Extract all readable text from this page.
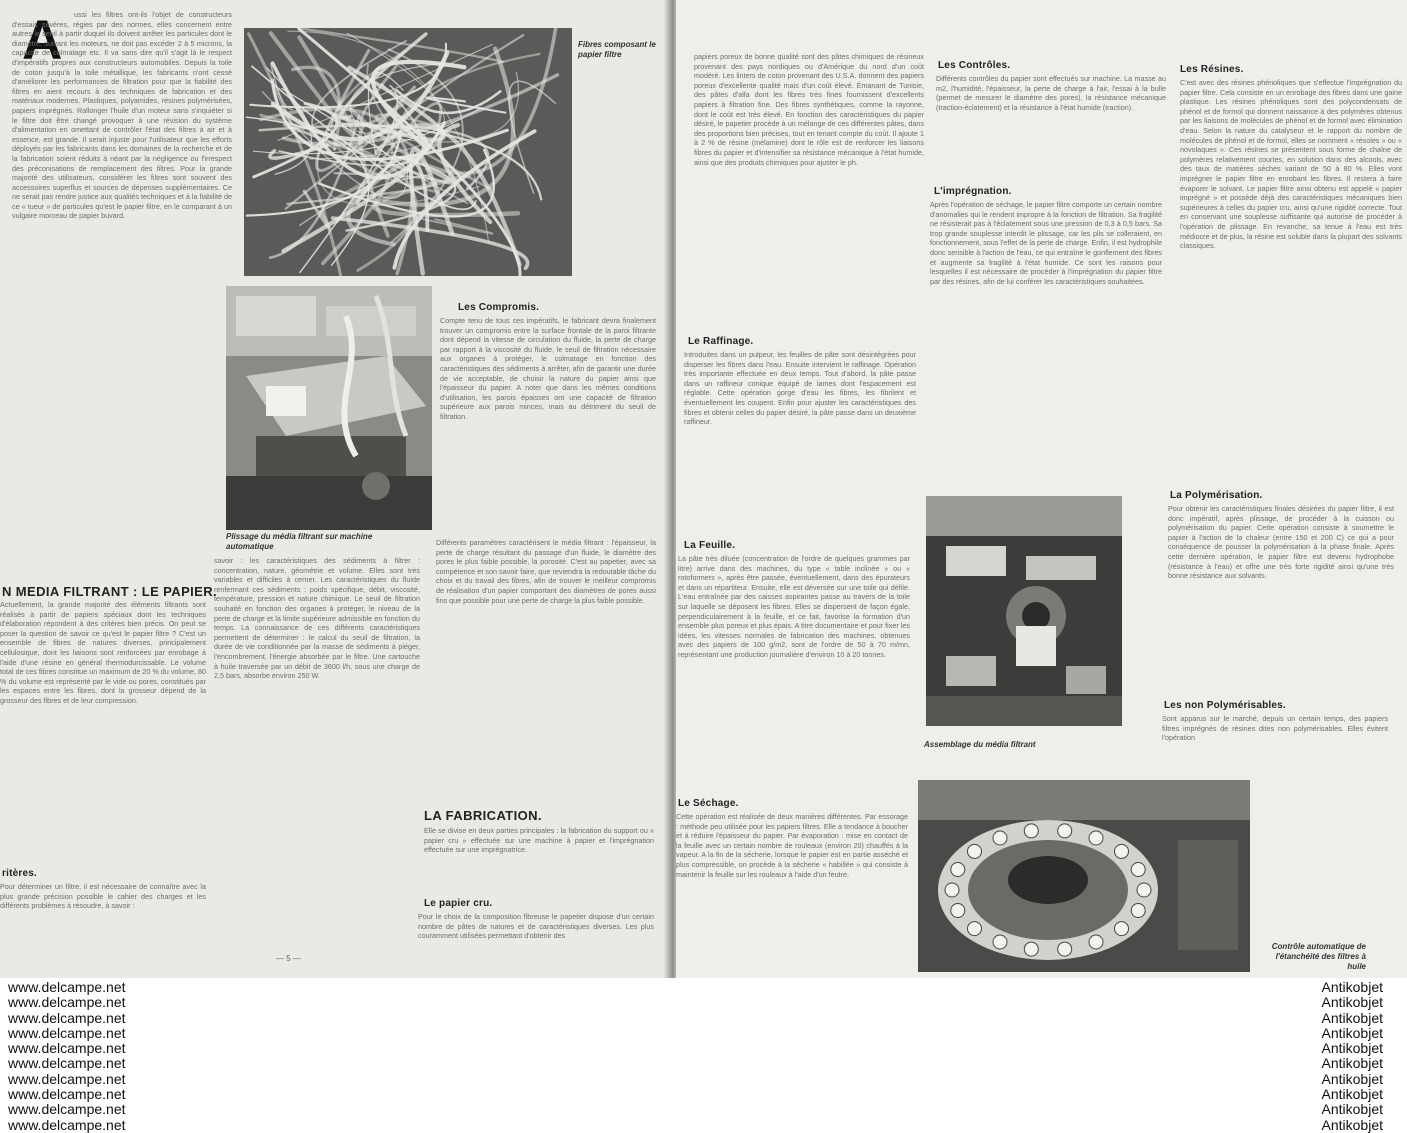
A	ussi les filtres ont-ils l'objet de constructeurs d'essais sévères, régies par des normes, elles concernent entre autres le seuil à partir duquel ils doivent arrêter les particules dont le diamètre, suivant les moteurs, ne doit pas excéder 2 à 5 microns, la capacité de colmatage etc. Il va sans dire qu'il s'agit là le respect d'impératifs propres aux constructeurs automobiles. Depuis la toile de coton jusqu'à la toile métallique, les fabricants n'ont cessé d'améliorer les performances de filtration pour que la fiabilité des filtres en aient recours à des techniques de fabrication et des matériaux modernes. Plastiques, polyamides, résines polymérisées, papiers imprégnés. Rallonger l'huile d'un moteur sans s'inquiéter si le filtre doit être changé provoquer à une révision du système d'alimentation en omettant de contrôler l'état des filtres à air et à essence, est grande. Il serait injuste pour l'utilisateur que les efforts déployés par les fabricants dans les domaines de la recherche et de la fabrication soient réduits à néant par la négligence ou l'irrespect des préconisations de remplacement des filtres. Pour la grande majorité des utilisateurs, considérer les filtres sont souvent des accessoires superflus et sources de dépenses supplémentaires. Ce ne serait pas rendre justice aux qualités techniques et à la fiabilité de ce « tueur » de particules qu'est le papier filtre, en le comparant à un vulgaire morceau de papier buvard.
Fibres composant le papier filtre
Plissage du média filtrant sur machine automatique
Les Compromis.
Compte tenu de tous ces impératifs, le fabricant devra finalement trouver un compromis entre la surface frontale de la paroi filtrante dont dépend la vitesse de circulation du fluide, la perte de charge par rapport à la viscosité du fluide, le seuil de filtration nécessaire aux organes à protéger, le colmatage en fonction des caractéristiques des sédiments à arrêter, afin de garantir une durée de vie acceptable, de choisir la nature du papier ainsi que l'épaisseur du papier. A noter que dans les mêmes conditions d'utilisation, les parois épaisses ont une capacité de filtration supérieure aux parois minces, mais au détriment du seuil de filtration.
N MEDIA FILTRANT : LE PAPIER.
Actuellement, la grande majorité des éléments filtrants sont réalisés à partir de papiers spéciaux dont les techniques d'élaboration répondent à des critères bien précis. On peut se poser la question de savoir ce qu'est le papier filtre ? C'est un ensemble de fibres de natures diverses, principalement cellulosique, dont les liaisons sont renforcées par enrobage à l'aide d'une résine en général thermodurcissable. Le volume total de ces fibres constitue un maximum de 20 % du volume, 80 % du volume est représenté par le vide ou pores, constitués par les espaces entre les fibres, dont la grosseur dépend de la grosseur des fibres et de leur compression.
ritères.
Pour déterminer un filtre, il est nécessaire de connaître avec la plus grande précision possible le cahier des charges et les différents problèmes à résoudre, à savoir :
savoir : les caractéristiques des sédiments à filtrer : concentration, nature, géométrie et volume. Elles sont très variables et difficiles à cerner. Les caractéristiques du fluide renfermant ces sédiments : poids spécifique, débit, viscosité, température, pression et nature chimique. Le seuil de filtration souhaité en fonction des organes à protéger, le niveau de la perte de charge et la limite supérieure admissible en fonction du temps. La connaissance de ces différents caractéristiques permettent de déterminer : le calcul du seuil de filtration, la durée de vie conditionnée par la masse de sédiments à piéger, l'encombrement, l'énergie absorbée par le filtre. Une cartouche à huile traversée par un débit de 3600 l/h, sous une charge de 2,5 bars, absorbe environ 250 W.
— 5 —
Différents paramètres caractérisent le média filtrant : l'épaisseur, la perte de charge résultant du passage d'un fluide, le diamètre des pores le plus faible possible, la porosité. C'est au papetier, avec sa compétence et son savoir faire, que reviendra la redoutable tâche du choix et du travail des fibres, afin de trouver le meilleur compromis de réalisation d'un papier comportant des diamètres de pores aussi fins que possible pour une perte de charge la plus faible possible.
LA FABRICATION.
Elle se divise en deux parties principales : la fabrication du support ou « papier cru » effectuée sur une machine à papier et l'imprégnation effectuée sur une imprégnatrice.
Le papier cru.
Pour le choix de la composition fibreuse le papetier dispose d'un certain nombre de pâtes de natures et de caractéristiques diverses. Les plus couramment utilisées permettant d'obtenir des
papiers poreux de bonne qualité sont des pâtes chimiques de résineux provenant des pays nordiques ou d'Amérique du nord d'un coût modéré. Les linters de coton provenant des U.S.A. donnent des papiers poreux d'excellente qualité mais d'un coût élevé. Émanant de Tunisie, des pâtes d'alfa dont les fibres très fines fournissent d'excellents papiers à filtration fine. Des fibres synthétiques, comme la rayonne, dont le coût est très élevé. En fonction des caractéristiques du papier désiré, le papetier procède à un mélange de ces différentes pâtes, dans des proportions bien précises, tout en tenant compte du coût. Il ajoute 1 à 2 % de résine (mélamine) dont le rôle est de renforcer les liaisons fibres du papier et d'intensifier sa résistance mécanique à l'état humide, ainsi que des produits chimiques pour ajuster le ph.
Le Raffinage.
Introduites dans un pulpeur, les feuilles de pâte sont désintégrées pour disperser les fibres dans l'eau. Ensuite intervient le raffinage. Opération très importante effectuée en deux temps. Tout d'abord, la pâte passe dans un raffineur conique équipé de lames dont l'espacement est réglable. Cette opération gorge d'eau les fibres, les fibrilent et éventuellement les coupent. Enfin pour ajuster les caractéristiques des fibres et obtenir celles du papier désiré, la pâte passe dans un deuxième raffineur.
La Feuille.
La pâte très diluée (concentration de l'ordre de quelques grammes par litre) arrive dans des machines, du type « table inclinée » ou « rotoformers », après être passée, éventuellement, dans des épurateurs et dans un répartiteur. Ensuite, elle est déversée sur une toile qui défile. L'eau entraînée par des caisses aspirantes passe au travers de la toile sur laquelle se déposent les fibres. Elles se dispersent de façon égale, perpendiculairement à la feuille, et ce fait, favorise la formation d'un ensemble plus poreux et plus épais. A titre documentaire et pour fixer les idées, les vitesses normales de fabrication des machines, obtenues avec des papiers de 100 g/m2, sont de l'ordre de 50 à 70 m/mn, représentant une production journalière d'environ 10 à 20 tonnes.
Le Séchage.
Cette opération est réalisée de deux manières différentes. Par essorage : méthode peu utilisée pour les papiers filtres. Elle a tendance à boucher et à réduire l'épaisseur du papier. Par évaporation : mise en contact de la feuille avec un certain nombre de rouleaux (environ 20) chauffés à la vapeur. A la fin de la sécherie, lorsque le papier est en partie asséché et plus compressible, on procède à la sécherie « habillée » qui consiste à maintenir la feuille sur les rouleaux à l'aide d'un feutre.
Les Contrôles.
Différents contrôles du papier sont effectués sur machine. La masse au m2, l'humidité, l'épaisseur, la perte de charge à l'air, l'essai à la bulle (permet de mesurer le diamètre des pores), la résistance mécanique (traction-éclatement) et la résistance à l'état humide (traction).
L'imprégnation.
Après l'opération de séchage, le papier filtre comporte un certain nombre d'anomalies qui le rendent impropre à la fonction de filtration. Sa fragilité ne résisterait pas à l'éclatement sous une pression de 0,3 à 0,5 bars. Sa trop grande souplesse interdit le plissage, car les plis se colleraient, en fonctionnement, sous l'effet de la perte de charge. Enfin, il est hydrophile donc sensible à l'action de l'eau, ce qui entraîne le gonflement des fibres et augmente sa fragilité à l'état humide. Ce sont les raisons pour lesquelles il est nécessaire de procéder à l'imprégnation du papier filtre par des résines, afin de lui conférer les caractéristiques souhaitées.
Assemblage du média filtrant
Contrôle automatique de l'étanchéité des filtres à huile
Les Résines.
C'est avec des résines phénoliques que s'effectue l'imprégnation du papier filtre. Cela consiste en un enrobage des fibres dans une gaine plastique. Les résines phénoliques sont des polycondensats de phénol et de formol qui donnent naissance à des polymères obtenus par les liaisons de molécules de phénol et de formol avec élimination d'eau. Selon la nature du catalyseur et le rapport du nombre de molécules de phénol et de formol, elles se nomment « résoles » ou « novolaques ». Ces résines se présentent sous forme de chaîne de polymères relativement courtes, en solution dans des alcools, avec des taux de matières sèches variant de 50 à 80 %. Elles vont imprégner le papier filtre en enrobant les fibres. Il restera à faire évaporer le solvant. Le papier filtre ainsi obtenu est appelé « papier imprégné » et possède déjà des caractéristiques mécaniques bien supérieures à celles du papier cru, ainsi qu'une rigidité correcte. Tout en conservant une souplesse suffisante qui autorise de procéder à l'opération de plissage. En revanche, sa tenue à l'eau est très médiocre et de plus, la résine est soluble dans la plupart des solvants classiques.
La Polymérisation.
Pour obtenir les caractéristiques finales désirées du papier filtre, il est donc impératif, après plissage, de procéder à la cuisson ou polymérisation du papier. Cette opération consiste à soumettre le papier à l'action de la chaleur (entre 150 et 200 C) ce qui a pour conséquence de pousser la polymérisation à la phase finale. Après cette dernière opération, le papier filtre est devenu hydrophobe (résistance à l'eau) et offre une très forte rigidité ainsi qu'une très bonne résistance aux solvants.
Les non Polymérisables.
Sont apparus sur le marché, depuis un certain temps, des papiers filtres imprégnés de résines dites non polymérisables. Elles évitent l'opération
www.delcampe.net
www.delcampe.net
www.delcampe.net
www.delcampe.net
www.delcampe.net
www.delcampe.net
www.delcampe.net
www.delcampe.net
www.delcampe.net
www.delcampe.net
Antikobjet
Antikobjet
Antikobjet
Antikobjet
Antikobjet
Antikobjet
Antikobjet
Antikobjet
Antikobjet
Antikobjet
